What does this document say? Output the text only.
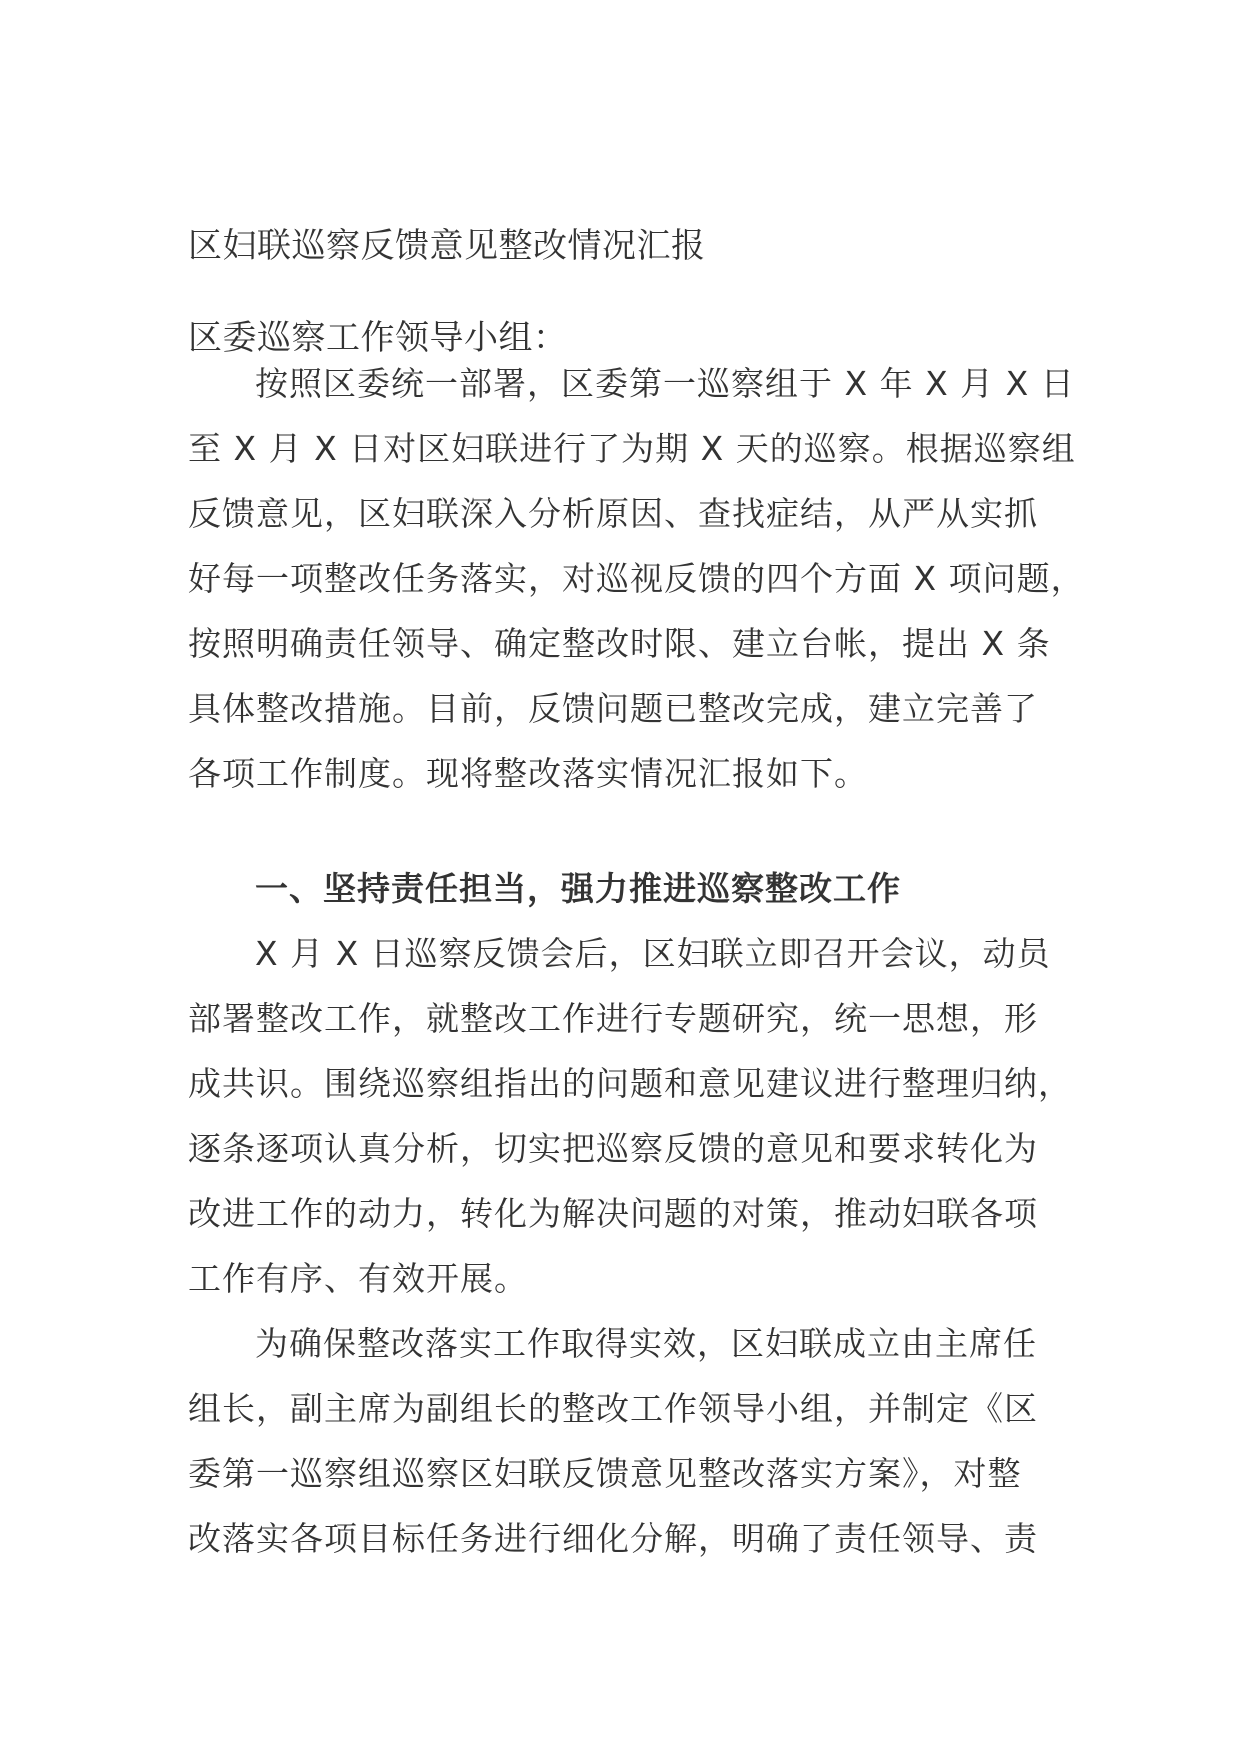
区妇联巡察反馈意见整改情况汇报
区委巡察工作领导小组：
按照区委统一部署，区委第一巡察组于 X 年 X 月 X 日
至 X 月 X 日对区妇联进行了为期 X 天的巡察。根据巡察组
反馈意见，区妇联深入分析原因、查找症结，从严从实抓
好每一项整改任务落实，对巡视反馈的四个方面 X 项问题，
按照明确责任领导、确定整改时限、建立台帐，提出 X 条
具体整改措施。目前，反馈问题已整改完成，建立完善了
各项工作制度。现将整改落实情况汇报如下。
一、坚持责任担当，强力推进巡察整改工作
X 月 X 日巡察反馈会后，区妇联立即召开会议，动员
部署整改工作，就整改工作进行专题研究，统一思想，形
成共识。围绕巡察组指出的问题和意见建议进行整理归纳，
逐条逐项认真分析，切实把巡察反馈的意见和要求转化为
改进工作的动力，转化为解决问题的对策，推动妇联各项
工作有序、有效开展。
为确保整改落实工作取得实效，区妇联成立由主席任
组长，副主席为副组长的整改工作领导小组，并制定《区
委第一巡察组巡察区妇联反馈意见整改落实方案》，对整
改落实各项目标任务进行细化分解，明确了责任领导、责
